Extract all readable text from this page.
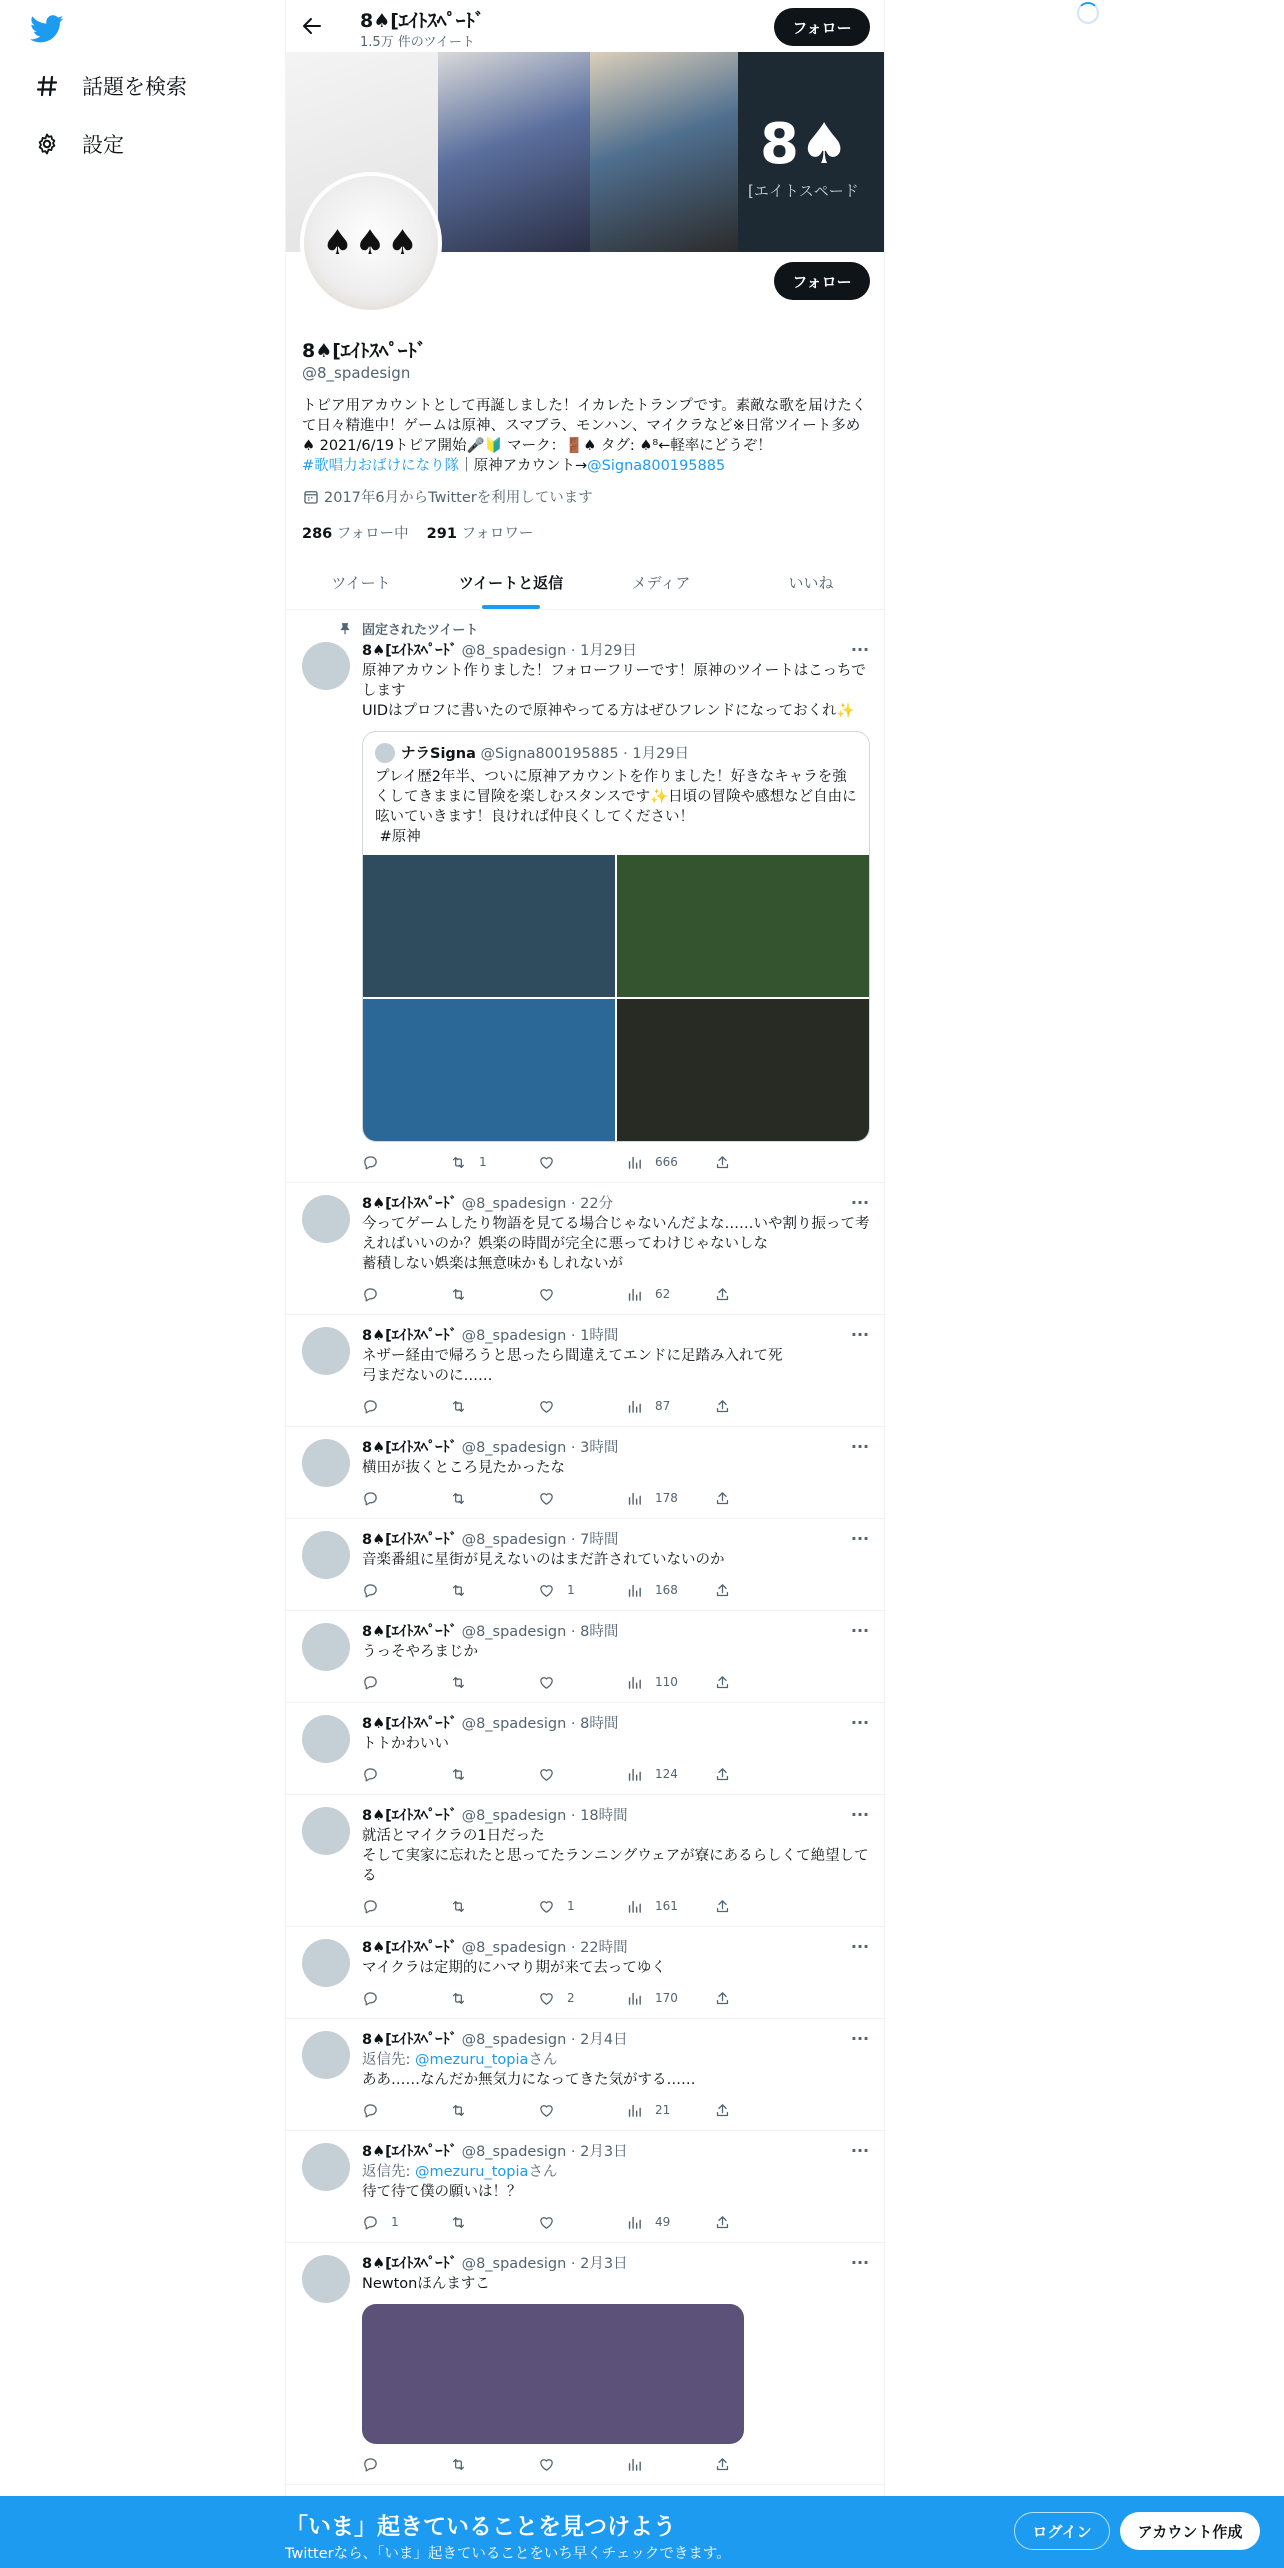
話題を検索
設定
8♠[ｴｲﾄｽﾍﾟｰﾄﾞ
1.5万 件のツイート
フォロー
8♠
[エイトスペード
♠♠♠
フォロー
8♠[ｴｲﾄｽﾍﾟｰﾄﾞ
@8_spadesign
トピア用アカウントとして再誕しました！イカレたトランプです。素敵な歌を届けたくて日々精進中！ゲームは原神、スマブラ、モンハン、マイクラなど※日常ツイート多め♠ 2021/6/19トピア開始🎤🔰 マーク：🚪♠ タグ: ♠⁸←軽率にどうぞ！
#歌唱力おばけになり隊｜原神アカウント→@Signa800195885
2017年6月からTwitterを利用しています
286 フォロー中 291 フォロワー
ツイート	ツイートと返信	メディア	いいね
固定されたツイート
8♠[ｴｲﾄｽﾍﾟｰﾄﾞ @8_spadesign · 1月29日	···
原神アカウント作りました！フォローフリーです！原神のツイートはこっちでします
UIDはプロフに書いたので原神やってる方はぜひフレンドになっておくれ✨
ナラSigna
@Signa800195885 · 1月29日
プレイ歴2年半、ついに原神アカウントを作りました！好きなキャラを強くしてきままに冒険を楽しむスタンスです✨日頃の冒険や感想など自由に呟いていきます！良ければ仲良くしてください！
#原神
1	666
8♠[ｴｲﾄｽﾍﾟｰﾄﾞ @8_spadesign · 22分	···
今ってゲームしたり物語を見てる場合じゃないんだよな……いや割り振って考えればいいのか？娯楽の時間が完全に悪ってわけじゃないしな
蓄積しない娯楽は無意味かもしれないが
62
8♠[ｴｲﾄｽﾍﾟｰﾄﾞ @8_spadesign · 1時間	···
ネザー経由で帰ろうと思ったら間違えてエンドに足踏み入れて死
弓まだないのに……
87
8♠[ｴｲﾄｽﾍﾟｰﾄﾞ @8_spadesign · 3時間	···
横田が抜くところ見たかったな
178
8♠[ｴｲﾄｽﾍﾟｰﾄﾞ @8_spadesign · 7時間	···
音楽番組に星街が見えないのはまだ許されていないのか
1	168
8♠[ｴｲﾄｽﾍﾟｰﾄﾞ @8_spadesign · 8時間	···
うっそやろまじか
110
8♠[ｴｲﾄｽﾍﾟｰﾄﾞ @8_spadesign · 8時間	···
トトかわいい
124
8♠[ｴｲﾄｽﾍﾟｰﾄﾞ @8_spadesign · 18時間	···
就活とマイクラの1日だった
そして実家に忘れたと思ってたランニングウェアが寮にあるらしくて絶望してる
1	161
8♠[ｴｲﾄｽﾍﾟｰﾄﾞ @8_spadesign · 22時間	···
マイクラは定期的にハマり期が来て去ってゆく
2	170
8♠[ｴｲﾄｽﾍﾟｰﾄﾞ @8_spadesign · 2月4日	···
返信先: @mezuru_topiaさん
ああ……なんだか無気力になってきた気がする……
21
8♠[ｴｲﾄｽﾍﾟｰﾄﾞ @8_spadesign · 2月3日	···
返信先: @mezuru_topiaさん
待て待て僕の願いは！？
1	49
8♠[ｴｲﾄｽﾍﾟｰﾄﾞ @8_spadesign · 2月3日	···
Newtonほんますこ
「いま」起きていることを見つけよう
Twitterなら、「いま」起きていることをいち早くチェックできます。
ログイン	アカウント作成
